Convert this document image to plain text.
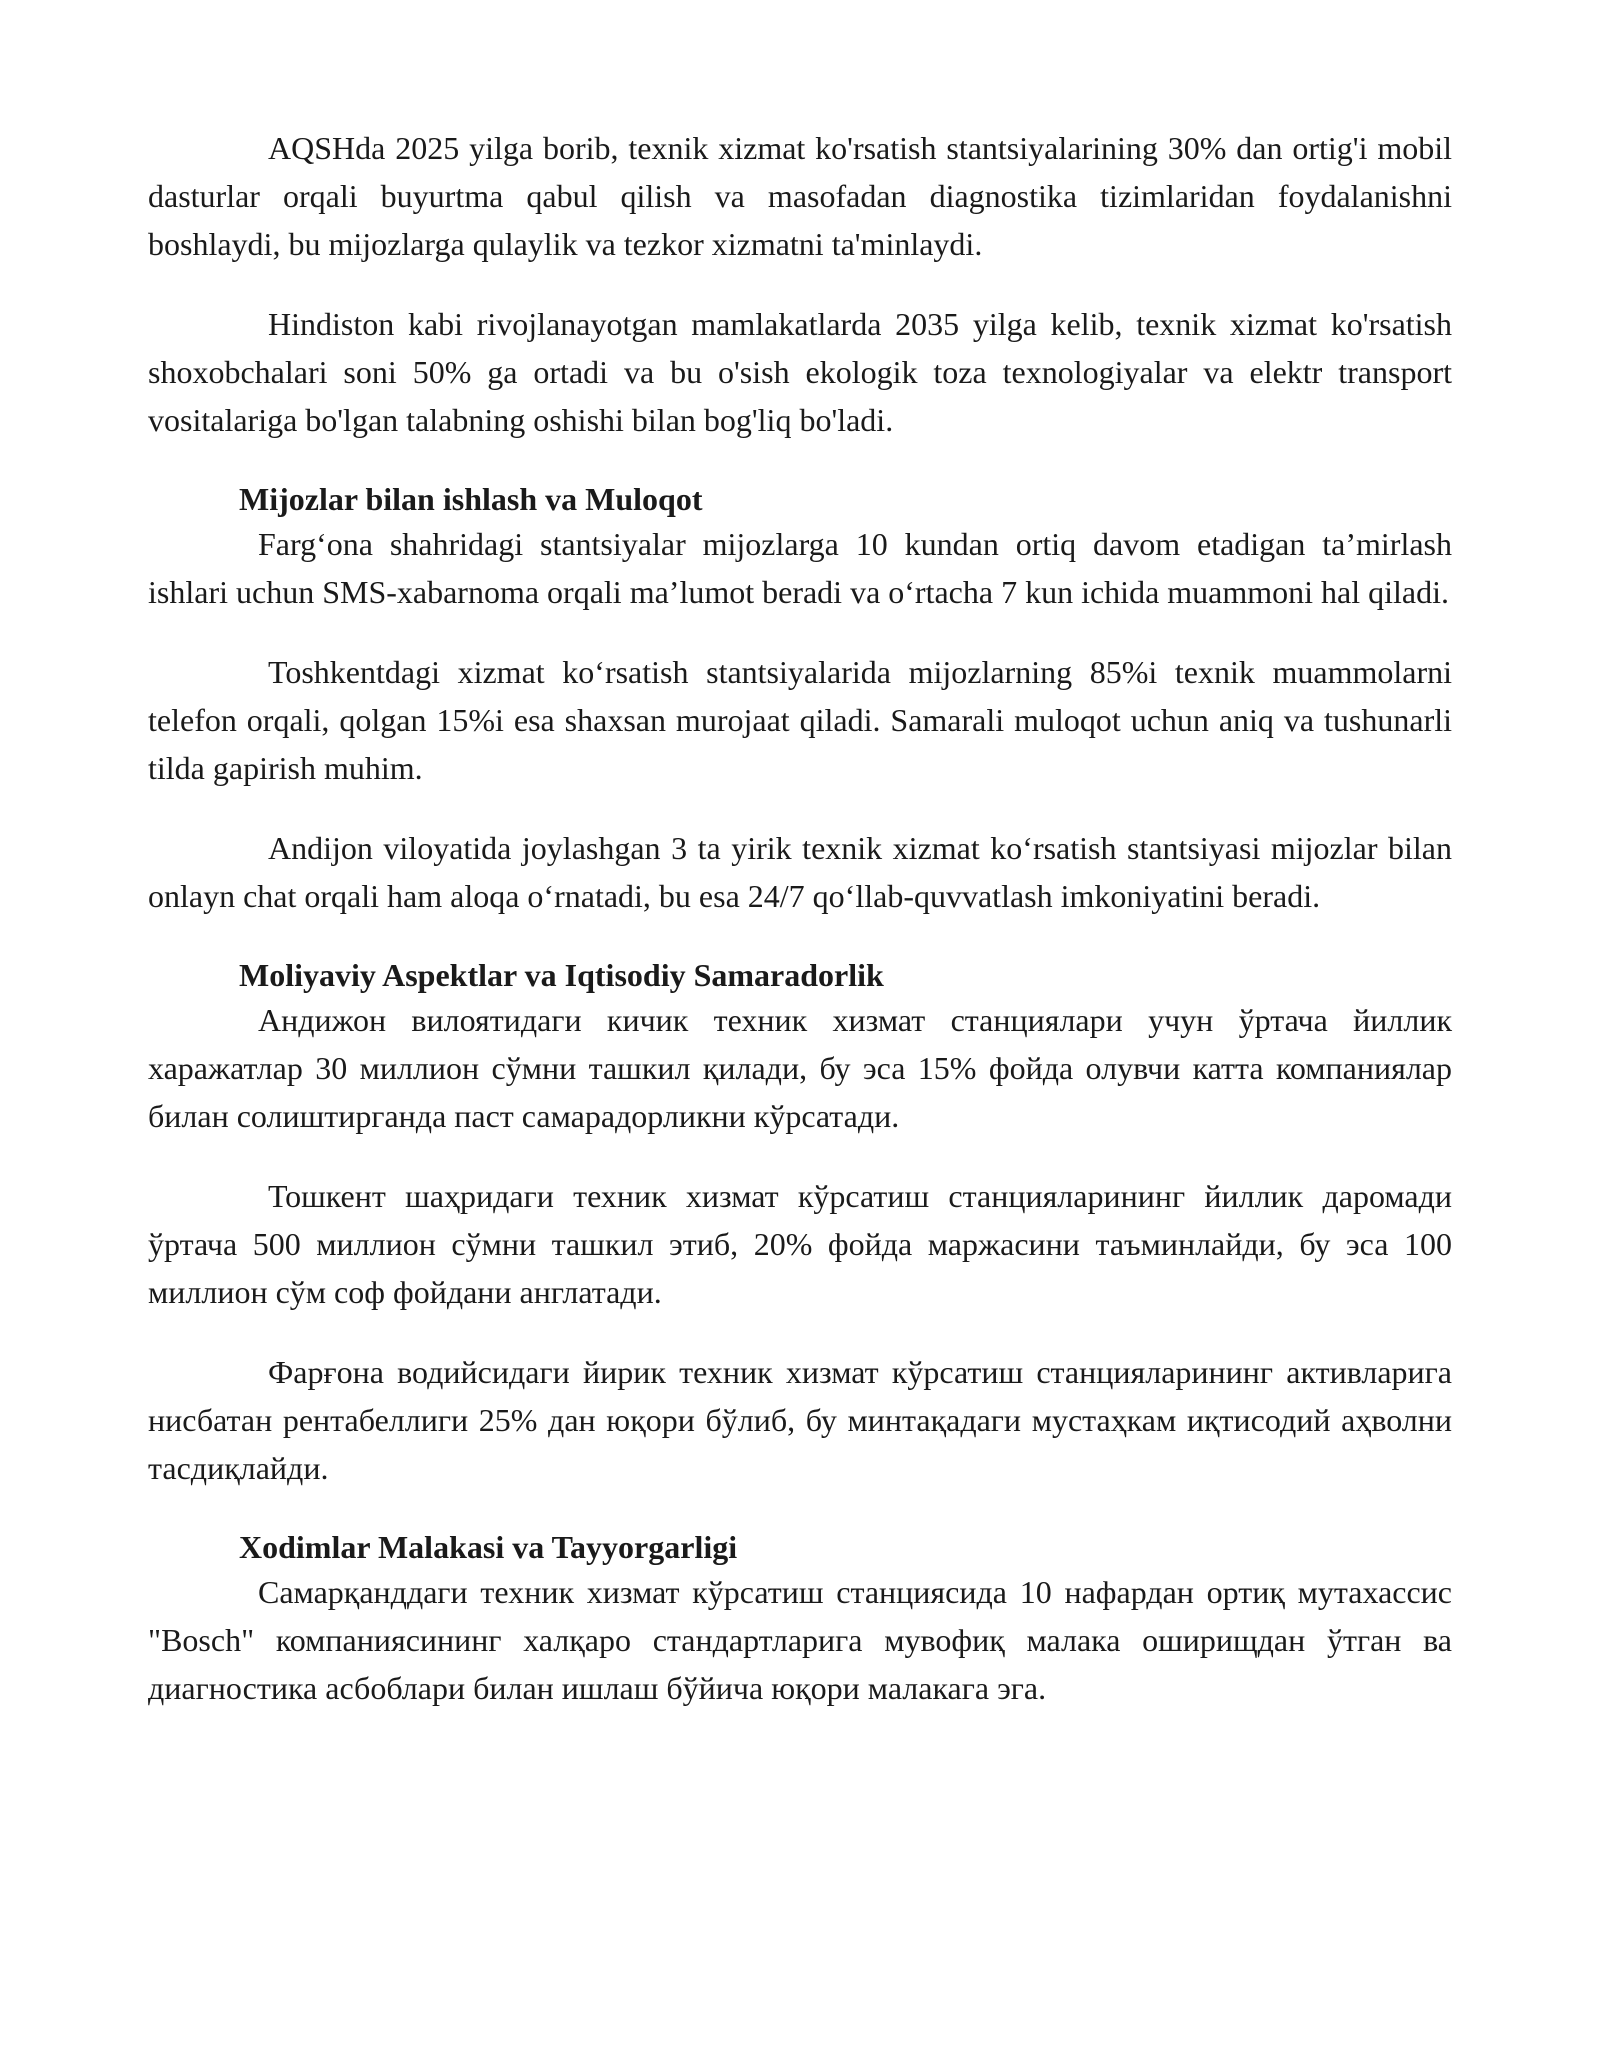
AQSHda 2025 yilga borib, texnik xizmat ko'rsatish stantsiyalarining 30% dan ortig'i mobil dasturlar orqali buyurtma qabul qilish va masofadan diagnostika tizimlaridan foydalanishni boshlaydi, bu mijozlarga qulaylik va tezkor xizmatni ta'minlaydi.

Hindiston kabi rivojlanayotgan mamlakatlarda 2035 yilga kelib, texnik xizmat ko'rsatish shoxobchalari soni 50% ga ortadi va bu o'sish ekologik toza texnologiyalar va elektr transport vositalariga bo'lgan talabning oshishi bilan bog'liq bo'ladi.

Mijozlar bilan ishlash va Muloqot

Farg‘ona shahridagi stantsiyalar mijozlarga 10 kundan ortiq davom etadigan ta’mirlash ishlari uchun SMS-xabarnoma orqali ma’lumot beradi va o‘rtacha 7 kun ichida muammoni hal qiladi.

Toshkentdagi xizmat ko‘rsatish stantsiyalarida mijozlarning 85%i texnik muammolarni telefon orqali, qolgan 15%i esa shaxsan murojaat qiladi. Samarali muloqot uchun aniq va tushunarli tilda gapirish muhim.

Andijon viloyatida joylashgan 3 ta yirik texnik xizmat ko‘rsatish stantsiyasi mijozlar bilan onlayn chat orqali ham aloqa o‘rnatadi, bu esa 24/7 qo‘llab-quvvatlash imkoniyatini beradi.

Moliyaviy Aspektlar va Iqtisodiy Samaradorlik

Андижон вилоятидаги кичик техник хизмат станциялари учун ўртача йиллик харажатлар 30 миллион сўмни ташкил қилади, бу эса 15% фойда олувчи катта компаниялар билан солиштирганда паст самарадорликни кўрсатади.

Тошкент шаҳридаги техник хизмат кўрсатиш станцияларининг йиллик даромади ўртача 500 миллион сўмни ташкил этиб, 20% фойда маржасини таъминлайди, бу эса 100 миллион сўм соф фойдани англатади.

Фарғона водийсидаги йирик техник хизмат кўрсатиш станцияларининг активларига нисбатан рентабеллиги 25% дан юқори бўлиб, бу минтақадаги мустаҳкам иқтисодий аҳволни тасдиқлайди.

Xodimlar Malakasi va Tayyorgarligi

Самарқанддаги техник хизмат кўрсатиш станциясида 10 нафардан ортиқ мутахассис "Bosch" компаниясининг халқаро стандартларига мувофиқ малака оширищдан ўтган ва диагностика асбоблари билан ишлаш бўйича юқори малакага эга.
